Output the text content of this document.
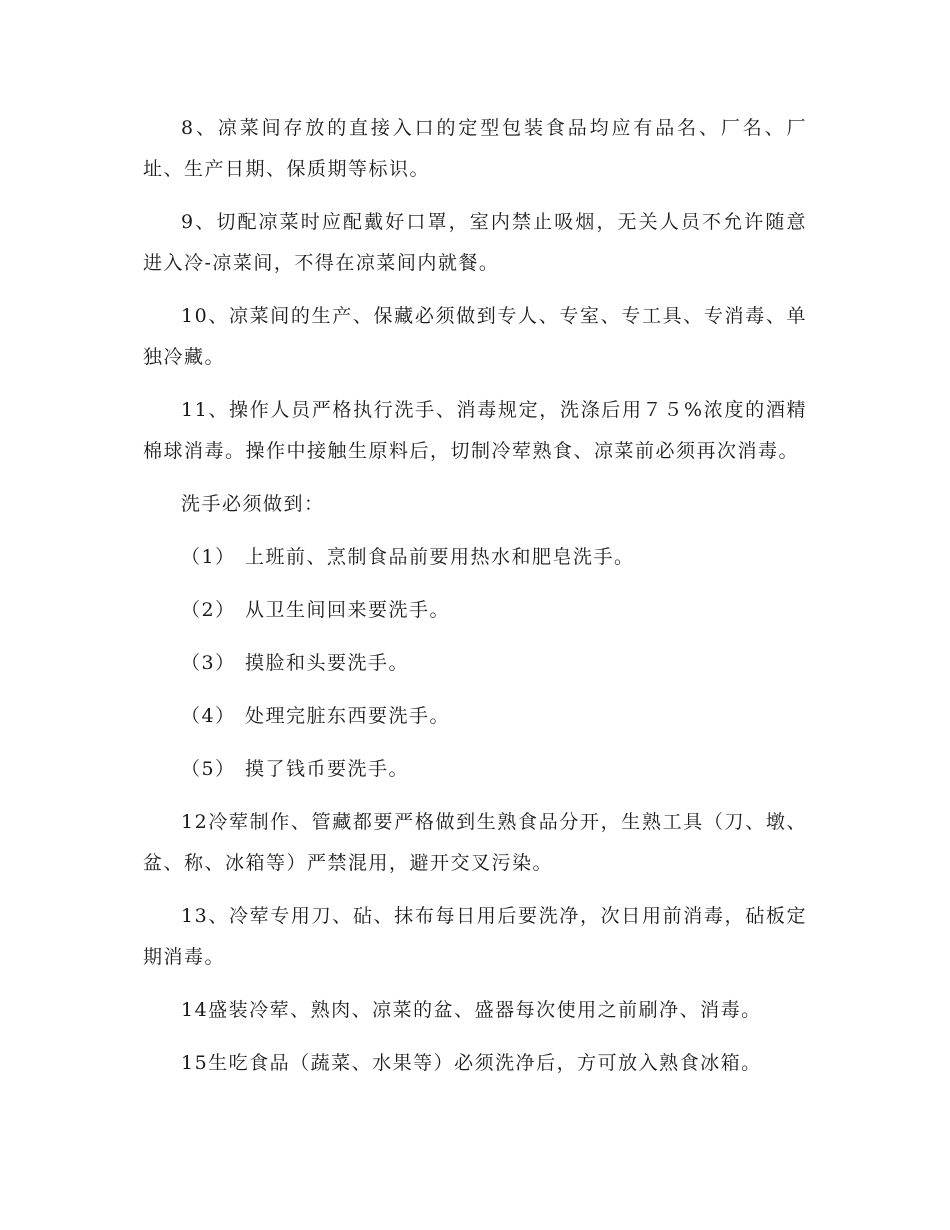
8、凉菜间存放的直接入口的定型包装食品均应有品名、厂名、厂址、生产日期、保质期等标识。

9、切配凉菜时应配戴好口罩，室内禁止吸烟，无关人员不允许随意进入冷-凉菜间，不得在凉菜间内就餐。

10、凉菜间的生产、保藏必须做到专人、专室、专工具、专消毒、单独冷藏。

11、操作人员严格执行洗手、消毒规定，洗涤后用７５%浓度的酒精棉球消毒。操作中接触生原料后，切制冷荤熟食、凉菜前必须再次消毒。

洗手必须做到：

（1） 上班前、烹制食品前要用热水和肥皂洗手。
（2） 从卫生间回来要洗手。
（3） 摸脸和头要洗手。
（4） 处理完脏东西要洗手。
（5） 摸了钱币要洗手。

12冷荤制作、管藏都要严格做到生熟食品分开，生熟工具（刀、墩、盆、称、冰箱等）严禁混用，避开交叉污染。

13、冷荤专用刀、砧、抹布每日用后要洗净，次日用前消毒，砧板定期消毒。

14盛装冷荤、熟肉、凉菜的盆、盛器每次使用之前刷净、消毒。

15生吃食品（蔬菜、水果等）必须洗净后，方可放入熟食冰箱。
